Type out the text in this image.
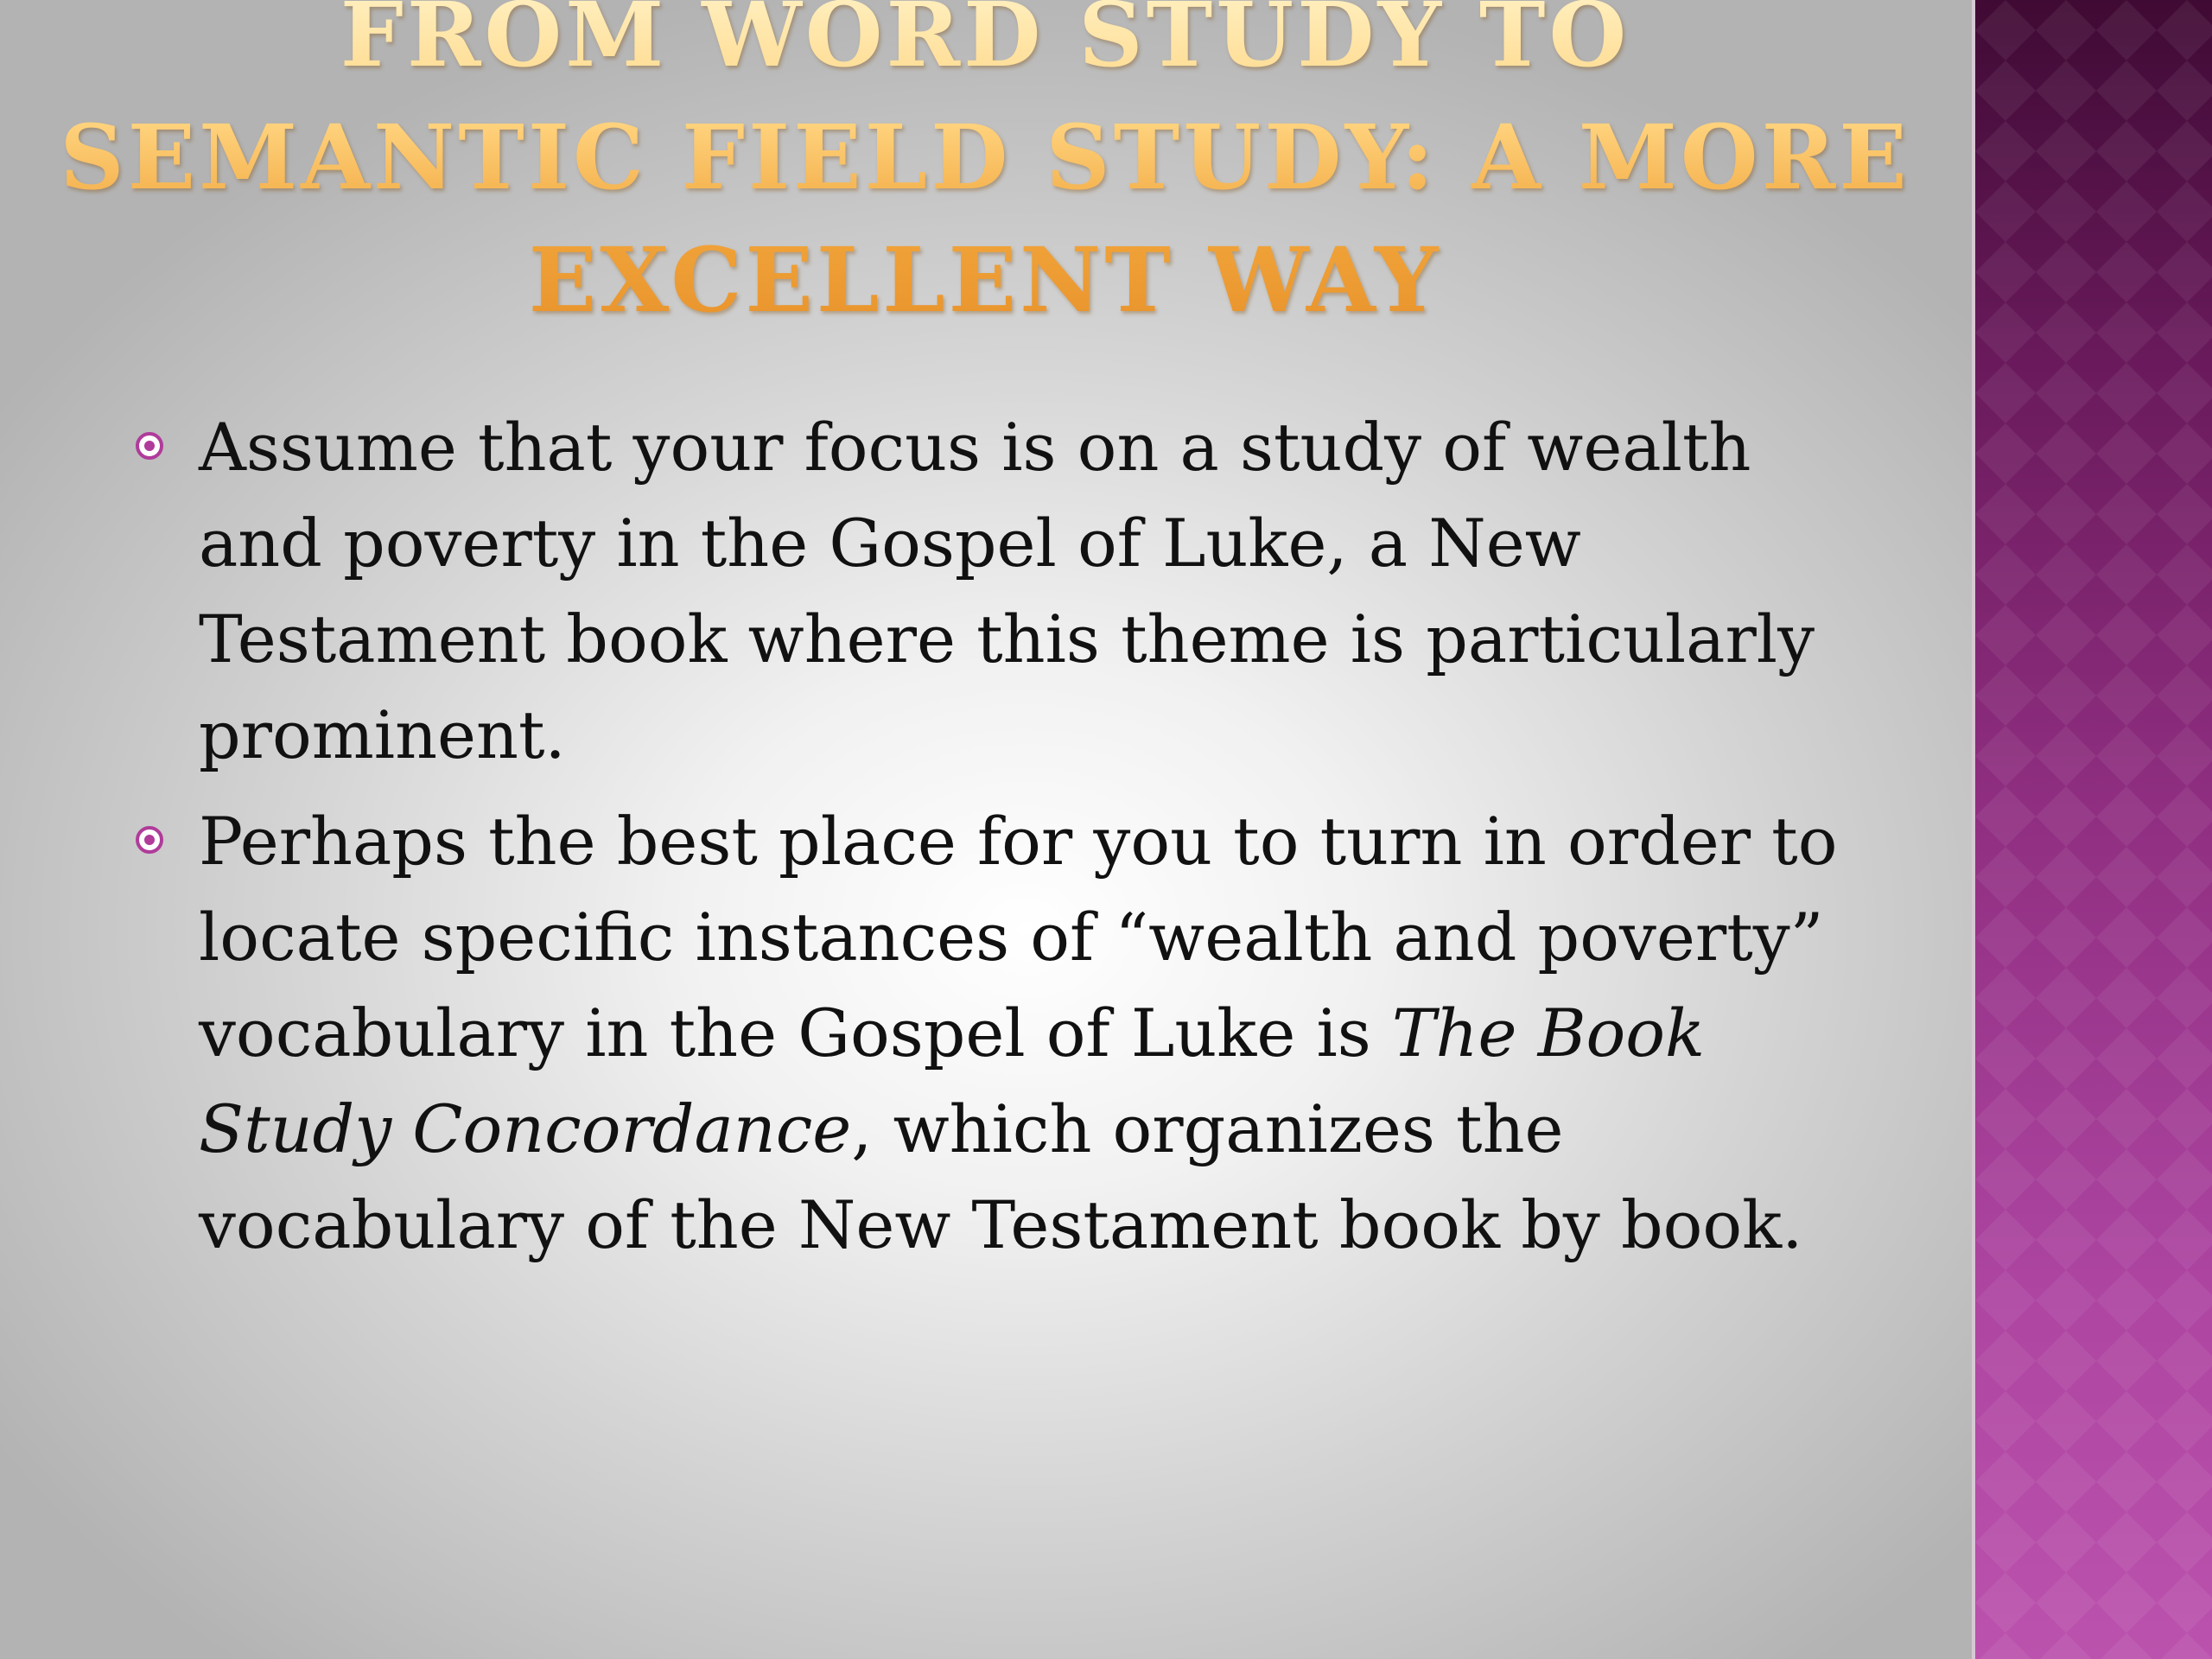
FROM WORD STUDY TO
SEMANTIC FIELD STUDY: A MORE
EXCELLENT WAY
Assume that your focus is on a study of wealth and poverty in the Gospel of Luke, a New Testament book where this theme is particularly prominent.
Perhaps the best place for you to turn in order to locate specific instances of “wealth and poverty” vocabulary in the Gospel of Luke is The Book Study Concordance, which organizes the vocabulary of the New Testament book by book.
